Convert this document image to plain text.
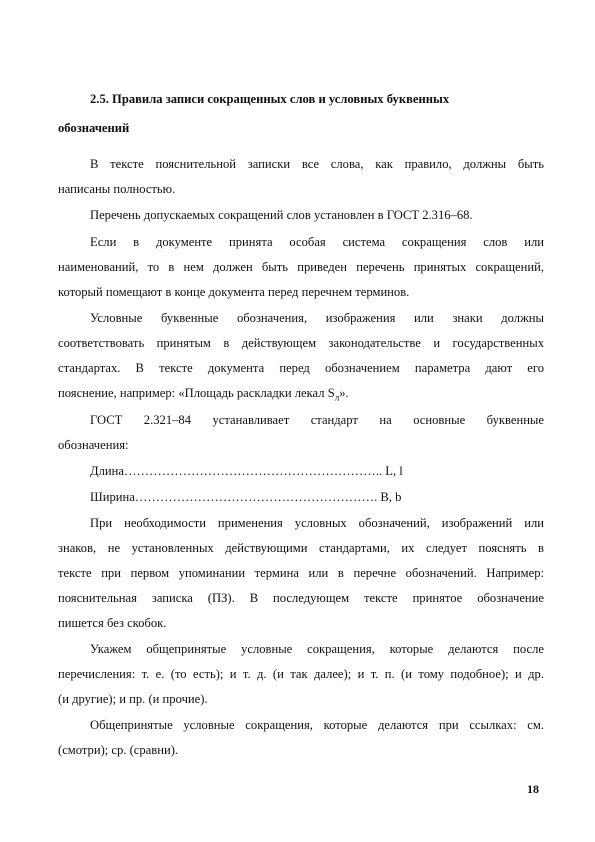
2.5. Правила записи сокращенных слов и условных буквенных
обозначений
В тексте пояснительной записки все слова, как правило, должны быть
написаны полностью.
Перечень допускаемых сокращений слов установлен в ГОСТ 2.316–68.
Если в документе принята особая система сокращения слов или
наименований, то в нем должен быть приведен перечень принятых сокращений,
который помещают в конце документа перед перечнем терминов.
Условные буквенные обозначения, изображения или знаки должны
соответствовать принятым в действующем законодательстве и государственных
стандартах. В тексте документа перед обозначением параметра дают его
пояснение, например: «Площадь раскладки лекал $S_л$».
ГОСТ 2.321–84 устанавливает стандарт на основные буквенные
обозначения:
Длина…………………………………………………….. L, l
Ширина…………………………………………………. B, b
При необходимости применения условных обозначений, изображений или
знаков, не установленных действующими стандартами, их следует пояснять в
тексте при первом упоминании термина или в перечне обозначений. Например:
пояснительная записка (ПЗ). В последующем тексте принятое обозначение
пишется без скобок.
Укажем общепринятые условные сокращения, которые делаются после
перечисления: т. е. (то есть); и т. д. (и так далее); и т. п. (и тому подобное); и др.
(и другие); и пр. (и прочие).
Общепринятые условные сокращения, которые делаются при ссылках: см.
(смотри); ср. (сравни).
18
